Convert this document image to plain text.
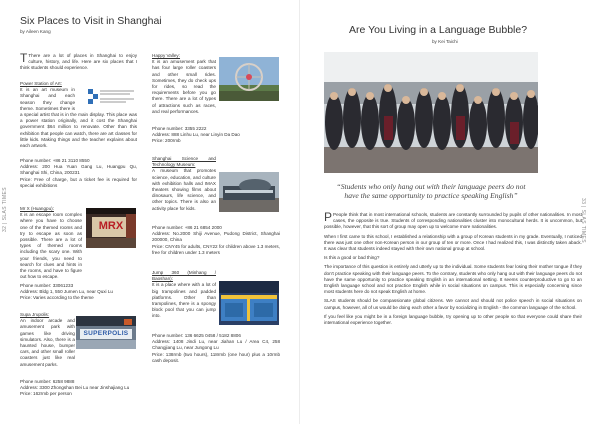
32 | SLAS TIMES
Six Places to Visit in Shanghai
by Aileen Kang
T There are a lot of places in Shanghai to enjoy culture, history, and life. Here are six places that I think students should experience.
Power Station of Art:

It is an art museum in Shanghai and each season they change theme. Sometimes there is a special artist that is in the main display. This place was a power station originally, and it cost the Shanghai government $64 million to renovate. Other than this exhibition that people can watch, there are art classes for little kids. Making things and the teacher explains about each artwork.

Phone number: +86 21 3110 8550
Address: 200 Hua Yuan Gang Lu, Huangpu Qu, Shanghai Shi, China, 200231
Price: Free of charge, but a ticket fee is required for special exhibitions
Mr X (Huangpu):

It is an escape room complex where you have to choose one of the themed rooms and try to escape as soon as possible. There are a lot of types of themed rooms including the scary one. With your friends, you need to search for clues and hints in the rooms, and have to figure out how to escape.

MRX
Phone number: 33061233
Address: Bldg 1, 550 Jumen Lu, near Quxi Lu
Price: Varies according to the theme
Supa Jrupolis:

An indoor arcade and amusement park with games like driving simulators. Also, there is a haunted house, bumper cars, and other small roller coasters just like real amusement parks.

SUPERPOLIS
Phone number: 6258 9888
Address: 3300 Zhongshan Bei Lu near Jinshajiang Lu
Price: 162rmb per person
Happy Valley:

It is an amusement park that has four large roller coasters and other small rides. Sometimes, they do check ups for rides, so read the requirements before you go there. There are a lot of types of attractions such as races, and real performances.

Phone number: 3355 2222
Address: 888 Linhu Lu, near Linyin Da Dao
Price: 200rmb
Shanghai Science and Technology Museum:

A museum that promotes science, education, and culture with exhibition halls and IMAX theaters showing films about dinosaurs, life science, and other topics. There is also an activity place for kids.

Phone number: +86 21 6854 2000
Address: No.2000 Shiji Avenue, Pudong District, Shanghai 200000, China
Price: CNY45 for adults, CNY22 for children above 1.3 meters, free for children under 1.3 meters
Jump 360 (Minhang / Baoshan):

It is a place where with a lot of big trampolines and padded platforms. Other than trampolines, there is a spongy block pool that you can jump into.

Phone number: 136 6625 0458 / 5182 8806
Address: 1408 Jindi Lu, near Jiahan Lu / Area C4, 258 Changjiang Lu, near Jungong Lu
Price: 138rmb (two hours), 118rmb (one hour) plus a 10rmb cash deposit.
33 | SLAS TIMES
Are You Living in a Language Bubble?
by Kei Taichi
“Students who only hang out with their language peers do not have the same opportunity to practice speaking English”

P People think that in most international schools, students are constantly surrounded by pupils of other nationalities. In most cases, the opposite is true. Students of corresponding nationalities cluster into monocultural herds. It is uncommon, but possible, however, that this sort of group may open up to welcome more nationalities.

When I first came to this school, I established a relationship with a group of Korean students in my grade. Eventually, I noticed there was just one other non-Korean person in our group of ten or more. Once I had realized this, I was distinctly taken aback. It was clear that students indeed stayed with their own national group at school.

Is this a good or bad thing?

The importance of this question is entirely and utterly up to the individual. Some students fear losing their mother tongue if they don't practice speaking with their language peers. To the contrary, students who only hang out with their language peers do not have the same opportunity to practice speaking English in an international setting. It seems counterproductive to go to an English language school and not practice English while in social situations on campus. This is especially concerning since most students here do not speak English at home.

SLAS students should be compassionate global citizens. We cannot and should not police speech in social situations on campus, however, all of us would be doing each other a favor by socializing in English - the common language of the school.

If you feel like you might be in a foreign language bubble, try opening up to other people so that everyone could share their international experience together.
